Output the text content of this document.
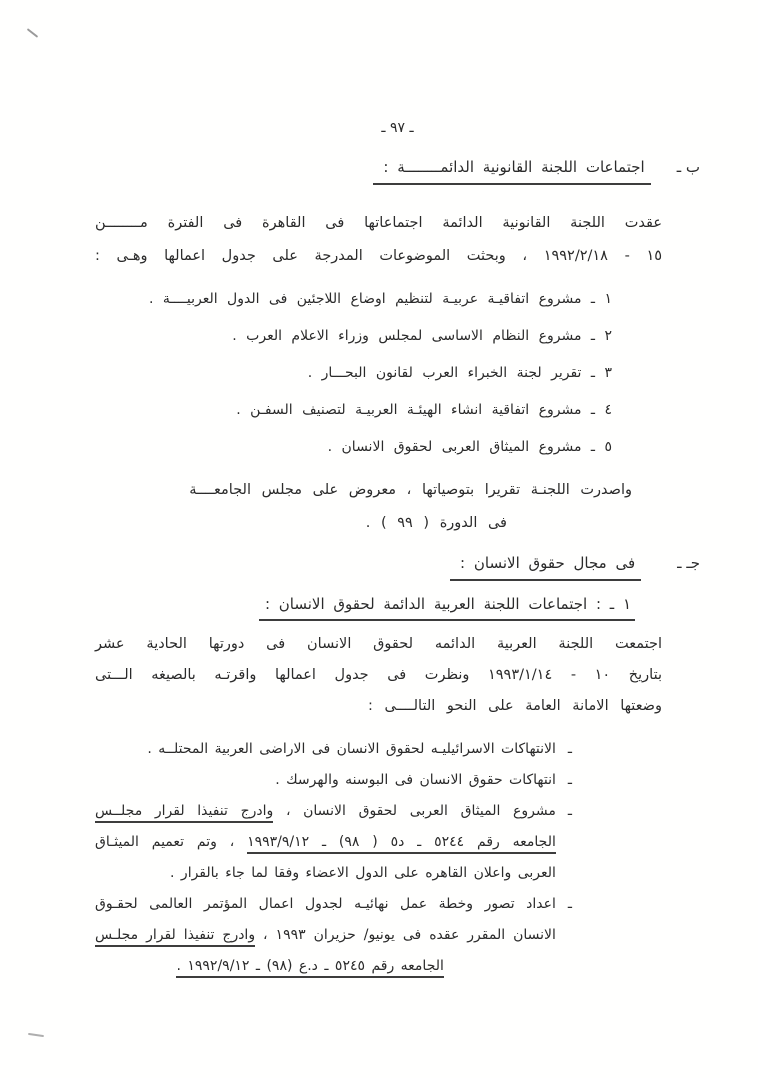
ـ ٩٧ ـ
ب ـ
اجتماعات اللجنة القانونية الدائمــــــــة :
عقدت اللجنة القانونية الدائمة اجتماعاتها فى القاهرة فى الفترة مــــــــن
١٥ - ١٩٩٢/٢/١٨ ، وبحثت الموضوعات المدرجة على جدول اعمالها وهـى :
١ ـ مشروع اتفاقيـة عربيـة لتنظيم اوضاع اللاجئين فى الدول العربيــــة .
٢ ـ مشروع النظام الاساسى لمجلس وزراء الاعلام العرب .
٣ ـ تقرير لجنة الخبراء العرب لقانون البحـــار .
٤ ـ مشروع اتفاقية انشاء الهيئـة العربيـة لتصنيف السفـن .
٥ ـ مشروع الميثاق العربى لحقوق الانسان .
واصدرت اللجنـة تقريرا بتوصياتها ، معروض على مجلس الجامعــــة
فى الدورة ( ٩٩ ) .
جـ ـ
فى مجال حقوق الانسان :
١ ـ : اجتماعات اللجنة العربية الدائمة لحقوق الانسان :
اجتمعت اللجنة العربية الدائمه لحقوق الانسان فى دورتها الحادية عشر
بتاريخ ١٠ - ١٩٩٣/١/١٤ ونظرت فى جدول اعمالها واقرتـه بالصيغه الـــتى
وضعتها الامانة العامة على النحو التالــــى :
ـ
الانتهاكات الاسرائيليـه لحقوق الانسان فى الاراضى العربية المحتلــه .
ـ
انتهاكات حقوق الانسان فى البوسنه والهرسك .
ـ
مشروع الميثاق العربى لحقوق الانسان ، وادرج تنفيذا لقرار مجلــس
الجامعه رقم ٥٢٤٤ ـ د٥ ( ٩٨) ـ ١٩٩٣/٩/١٢ ، وتم تعميم الميثـاق
العربى واعلان القاهره على الدول الاعضاء وفقا لما جاء بالقرار .
ـ
اعداد تصور وخطة عمل نهائيـه لجدول اعمال المؤتمر العالمى لحقـوق
الانسان المقرر عقده فى يونيو/ حزيران ١٩٩٣ ، وادرج تنفيذا لقرار مجلـس
الجامعه رقم ٥٢٤٥ ـ د.ع (٩٨) ـ ١٩٩٢/٩/١٢ .
